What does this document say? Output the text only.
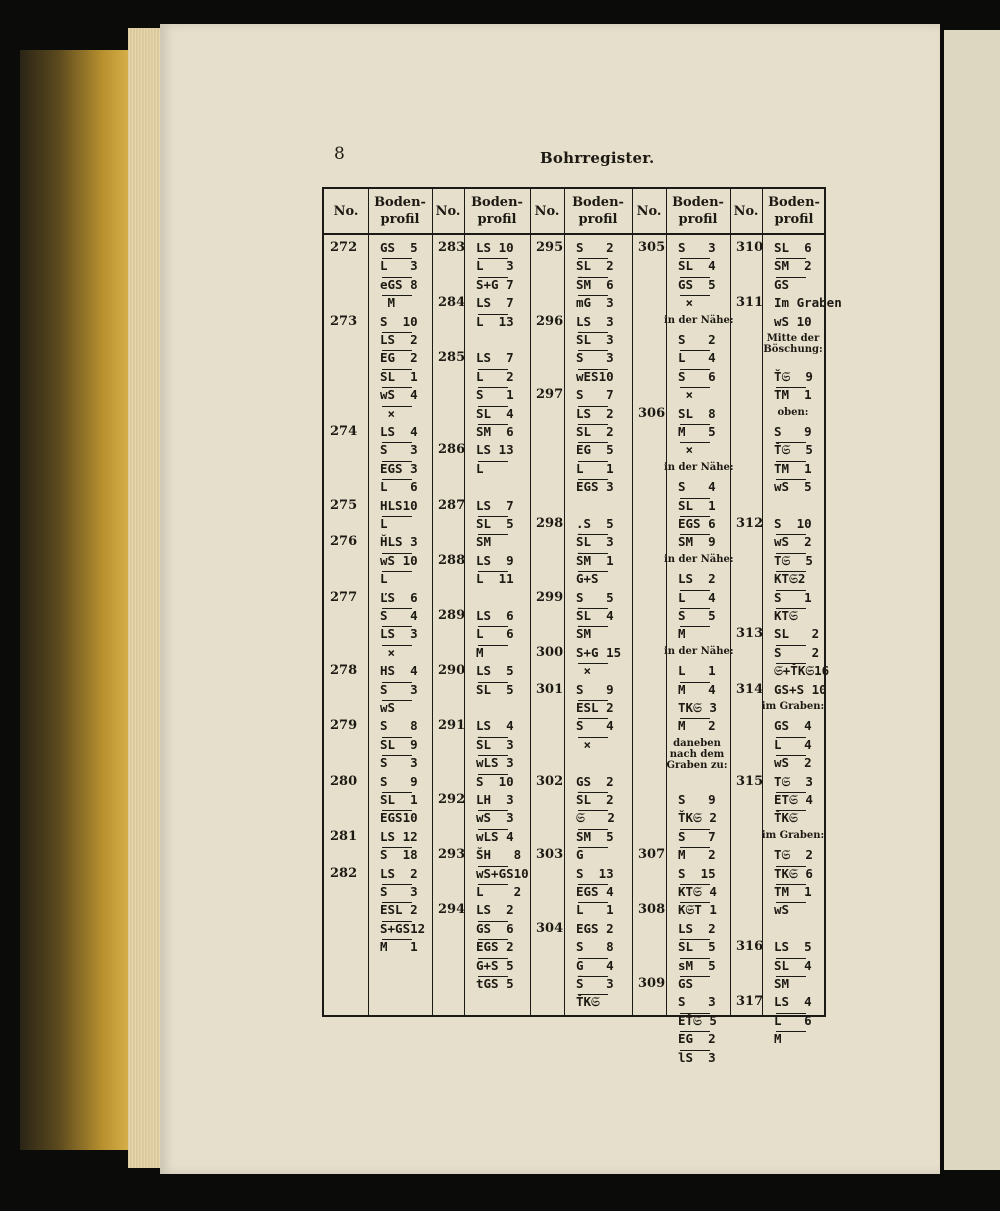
8	Bohrregister.
No.
Boden-
profil
No.
Boden-
profil
No.
Boden-
profil
No.
Boden-
profil
No.
Boden-
profil
272
273
274
275
276
277
278
279
280
281
282
GS  5
L   3
eGS 8
M
S  10
LS  2
EG  2
SL  1
wS  4
×
LS  4
S   3
EGS 3
L   6
HLS10
L
ȞLS 3
wS 10
L
ĽS  6
S   4
LS  3
×
HS  4
S   3
wS
S   8
SL  9
S   3
S   9
SL  1
EGS10
LS 12
S  18
LS  2
S   3
ESL 2
S+GS12
M   1
283
284
285
286
287
288
289
290
291
292
293
294
LS 10
L   3
S+G 7
LS  7
L  13
LS  7
L   2
S   1
SL  4
SM  6
LS 13
L
LS  7
SL  5
SM
LS  9
L  11
LS  6
L   6
M
LS  5
SL  5
LS  4
S̄L  3
wLS 3
S  10
LH  3
wS  3
wLS 4
ŠH   8
wS+GS10
L    2
LS  2
GS  6
EGS 2
G+S 5
tGS 5
295
296
297
298
299
300
301
302
303
304
S   2
SL  2
S̄M  6
mG  3
LS  3
S̄L  3
S   3
wES10
S   7
LS  2
SL  2
EG  5
L   1
EGS 3
.S  5
S̄L  3
S̄M  1
G+S
S   5
S̄L  4
S̄M
S+G 15
×
S   9
ESL 2
S   4
×
GS  2
S̄L  2
𝔖   2
SM  5
G
S  13
EGS 4
L   1
EGS 2
S   8
G   4
S̄   3
ŤK𝔖
305
306
307
308
309
S   3
SL  4
GS  5
×
S   2
L   4
S   6
×
SL  8
M   5
×
S   4
SL  1
EGS 6
SM  9
LS  2
L   4
S   5
M
L   1
M   4
TK𝔖 3
M   2
S   9
ŤK𝔖 2
S   7
M   2
S  15
KT𝔖 4
K𝔖T 1
LS  2
S̄L  5
sM  5
GS
S   3
EŤ𝔖 5
EG  2
lS  3
in der Nähe:
in der Nähe:
in der Nähe:
in der Nähe:
daneben
nach dem
Graben zu:
310
311
312
313
314
315
316
317
SL  6
SM  2
GS
Im Graben
wS 10
Ť𝔖  9
TM  1
S   9
Ť𝔖  5
TM  1
wS  5
S  10
wS  2
T𝔖  5
KT𝔖2
S   1
KT𝔖
SL   2
S    2
𝔖+ŤK𝔖16
GS+S 10
GS  4
L   4
wS  2
T𝔖  3
ET𝔖 4
ŤK𝔖
T𝔖  2
TK𝔖 6
TM  1
wS
LS  5
SL  4
SM
LS  4
L   6
M
Mitte der
Böschung:
oben:
im Graben:
im Graben:
